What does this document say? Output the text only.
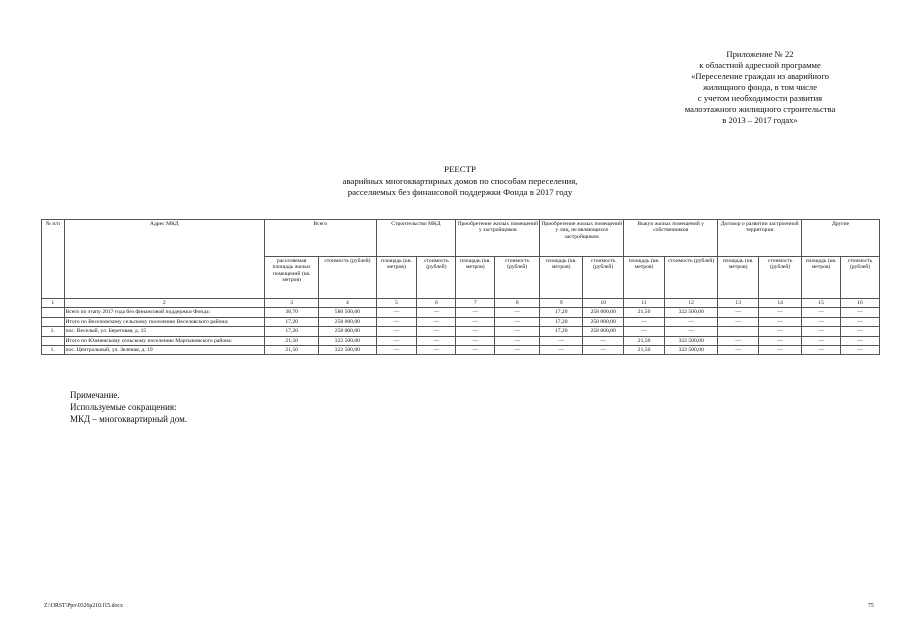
Приложение № 22
к областной адресной программе
«Переселение граждан из аварийного
жилищного фонда, в том числе
с учетом необходимости развития
малоэтажного жилищного строительства
в 2013 – 2017 годах»
РЕЕСТР
аварийных многоквартирных домов по способам переселения,
расселяемых без финансовой поддержки Фонда в 2017 году
№ п/п	Адрес МКД	Всего		Строительство МКД		Приобретение жилых помещений у застройщиков		Приобретение жилых помещений у лиц, не являющихся застройщиком		Выкуп жилых помещений у собственников		Договор о развитии застроенной территории		Другие	
		расселяемая площадь жилых помещений (кв. метров)	стоимость (рублей)	площадь (кв. метров)	стоимость (рублей)	площадь (кв. метров)	стоимость (рублей)	площадь (кв. метров)	стоимость (рублей)	площадь (кв. метров)	стоимость (рублей)	площадь (кв. метров)	стоимость (рублей)	площадь (кв. метров)	стоимость (рублей)
1	2	3	4	5	6	7	8	9	10	11	12	13	14	15	16
	Всего по этапу 2017 года без финансовой поддержки Фонда:	38,70	580 500,00	—	—	—	—	17,20	258 000,00	21,50	322 500,00	—	—	—	—
	Итого по Веселовскому сельскому поселению Веселовского района:	17,20	258 000,00	—	—	—	—	17,20	258 000,00	—	—	—	—	—	—
1.	пос. Веселый, ул. Береговая, д. 15	17,20	258 000,00	—	—	—	—	17,20	258 000,00	—	—		—	—	—
	Итого по Южненскому сельскому поселению Мартыновского района:	21,50	322 500,00	—	—	—	—	—	—	21,50	322 500,00	—	—	—	—
1.	пос. Центральный, ул. Зеленая, д. 19	21,50	322 500,00	—	—	—	—	—	—	21,50	322 500,00	—	—	—	—
Примечание.
Используемые сокращения:
МКД – многоквартирный дом.
Z:\ORST\Ppo\0326p210.f15.docx	75
